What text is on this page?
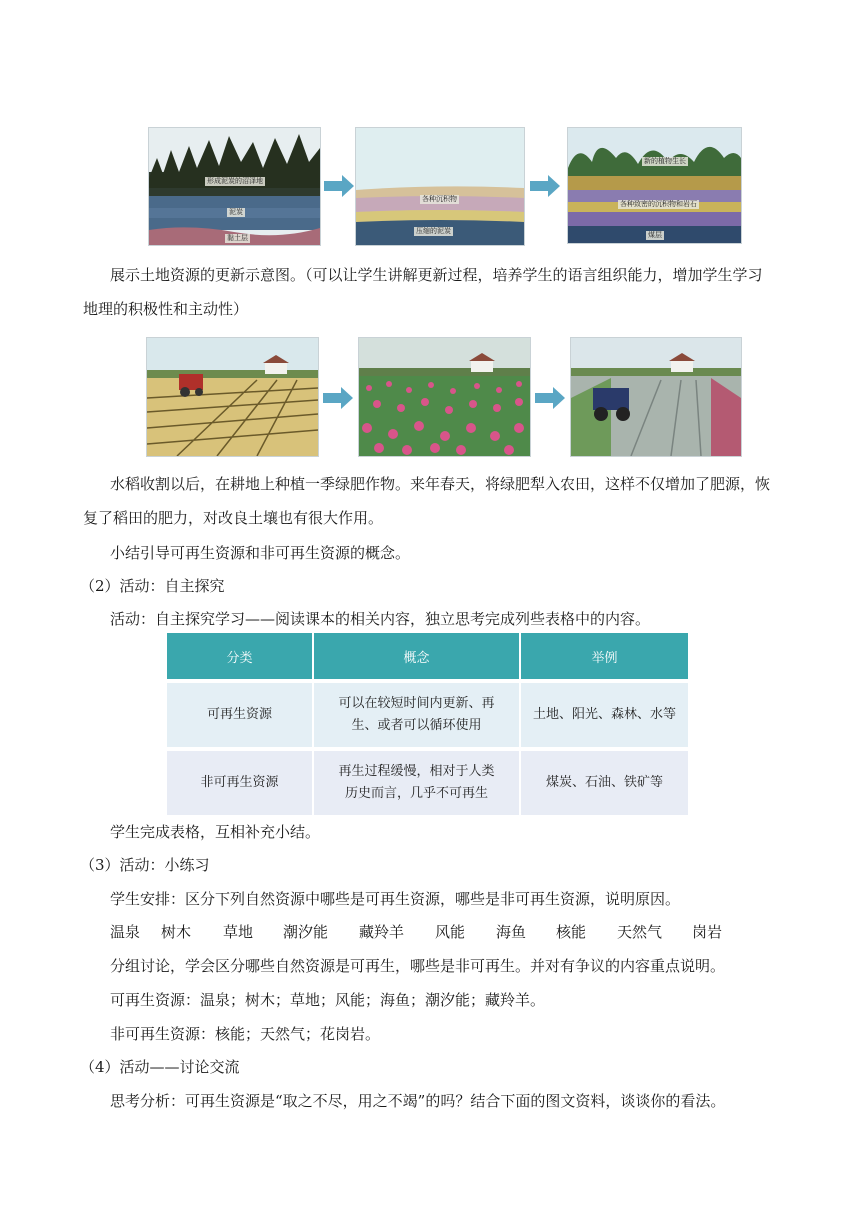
形成泥炭的沼泽地
泥炭
黏土层
各种沉积物
压缩的泥炭
新的植物生长
各种致密的沉积物和岩石
煤层
展示土地资源的更新示意图。（可以让学生讲解更新过程，培养学生的语言组织能力，增加学生学习
地理的积极性和主动性）
水稻收割以后，在耕地上种植一季绿肥作物。来年春天，将绿肥犁入农田，这样不仅增加了肥源，恢
复了稻田的肥力，对改良土壤也有很大作用。
小结引导可再生资源和非可再生资源的概念。
（2）活动：自主探究
活动：自主探究学习——阅读课本的相关内容，独立思考完成列些表格中的内容。
分类	概念	举例
可再生资源	可以在较短时间内更新、再
生、或者可以循环使用	土地、阳光、森林、水等
非可再生资源	再生过程缓慢，相对于人类
历史而言，几乎不可再生	煤炭、石油、铁矿等
学生完成表格，互相补充小结。
（3）活动：小练习
学生安排：区分下列自然资源中哪些是可再生资源，哪些是非可再生资源，说明原因。
温泉 树木 草地 潮汐能 藏羚羊 风能 海鱼 核能 天然气 岗岩
分组讨论，学会区分哪些自然资源是可再生，哪些是非可再生。并对有争议的内容重点说明。
可再生资源：温泉；树木；草地；风能；海鱼；潮汐能；藏羚羊。
非可再生资源：核能；天然气；花岗岩。
（4）活动——讨论交流
思考分析：可再生资源是“取之不尽，用之不竭”的吗？结合下面的图文资料，谈谈你的看法。
